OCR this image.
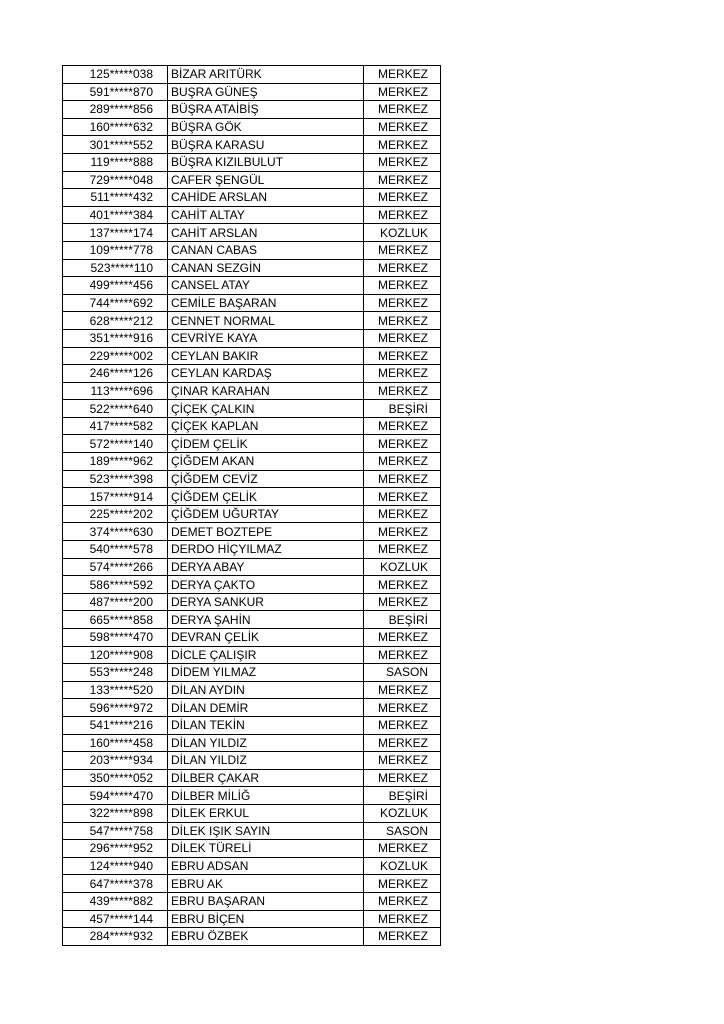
125*****038	BİZAR ARITÜRK	MERKEZ
591*****870	BUŞRA GÜNEŞ	MERKEZ
289*****856	BÜŞRA ATAİBİŞ	MERKEZ
160*****632	BÜŞRA GÖK	MERKEZ
301*****552	BÜŞRA KARASU	MERKEZ
119*****888	BÜŞRA KIZILBULUT	MERKEZ
729*****048	CAFER ŞENGÜL	MERKEZ
511*****432	CAHİDE ARSLAN	MERKEZ
401*****384	CAHİT ALTAY	MERKEZ
137*****174	CAHİT ARSLAN	KOZLUK
109*****778	CANAN CABAS	MERKEZ
523*****110	CANAN SEZGİN	MERKEZ
499*****456	CANSEL ATAY	MERKEZ
744*****692	CEMİLE BAŞARAN	MERKEZ
628*****212	CENNET NORMAL	MERKEZ
351*****916	CEVRİYE KAYA	MERKEZ
229*****002	CEYLAN BAKIR	MERKEZ
246*****126	CEYLAN KARDAŞ	MERKEZ
113*****696	ÇINAR KARAHAN	MERKEZ
522*****640	ÇİÇEK ÇALKIN	BEŞİRİ
417*****582	ÇİÇEK KAPLAN	MERKEZ
572*****140	ÇİDEM ÇELİK	MERKEZ
189*****962	ÇİĞDEM AKAN	MERKEZ
523*****398	ÇİĞDEM CEVİZ	MERKEZ
157*****914	ÇİĞDEM ÇELİK	MERKEZ
225*****202	ÇİĞDEM UĞURTAY	MERKEZ
374*****630	DEMET BOZTEPE	MERKEZ
540*****578	DERDO HİÇYILMAZ	MERKEZ
574*****266	DERYA ABAY	KOZLUK
586*****592	DERYA ÇAKTO	MERKEZ
487*****200	DERYA SANKUR	MERKEZ
665*****858	DERYA ŞAHİN	BEŞİRİ
598*****470	DEVRAN ÇELİK	MERKEZ
120*****908	DİCLE ÇALIŞIR	MERKEZ
553*****248	DİDEM YILMAZ	SASON
133*****520	DİLAN AYDIN	MERKEZ
596*****972	DİLAN DEMİR	MERKEZ
541*****216	DİLAN TEKİN	MERKEZ
160*****458	DİLAN YILDIZ	MERKEZ
203*****934	DİLAN YILDIZ	MERKEZ
350*****052	DİLBER ÇAKAR	MERKEZ
594*****470	DİLBER MİLİĞ	BEŞİRİ
322*****898	DİLEK ERKUL	KOZLUK
547*****758	DİLEK IŞIK SAYIN	SASON
296*****952	DİLEK TÜRELİ	MERKEZ
124*****940	EBRU ADSAN	KOZLUK
647*****378	EBRU AK	MERKEZ
439*****882	EBRU BAŞARAN	MERKEZ
457*****144	EBRU BİÇEN	MERKEZ
284*****932	EBRU ÖZBEK	MERKEZ
